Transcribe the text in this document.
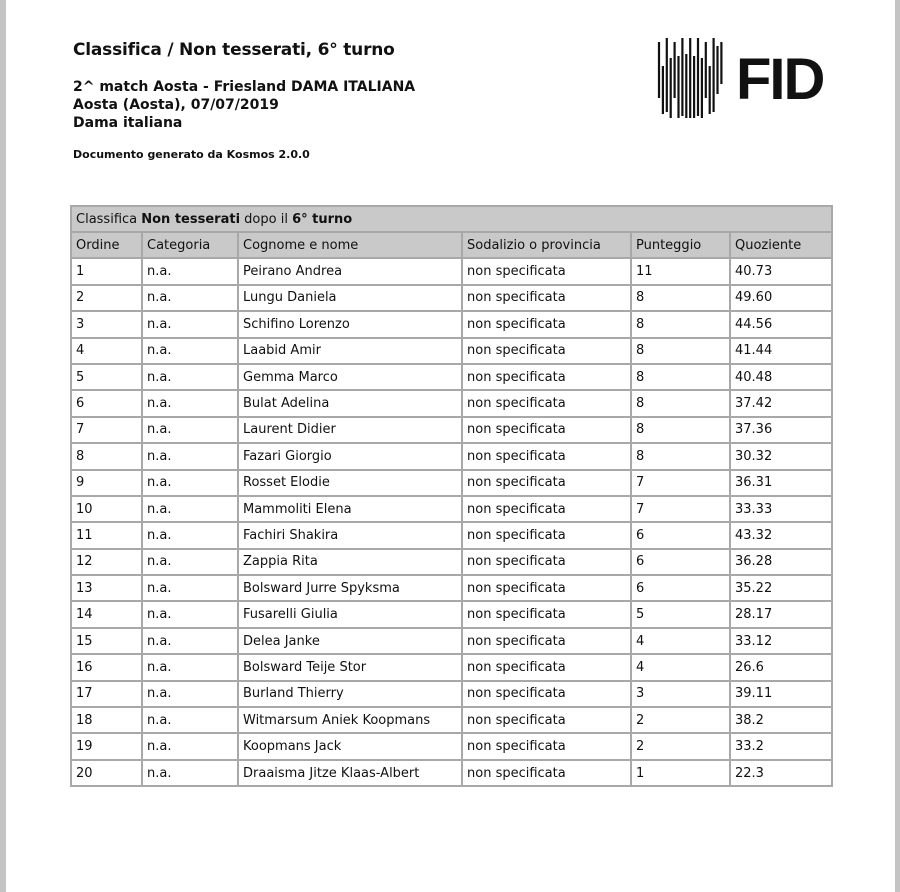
Classifica / Non tesserati, 6° turno
2^ match Aosta - Friesland DAMA ITALIANA
Aosta (Aosta), 07/07/2019
Dama italiana
Documento generato da Kosmos 2.0.0
FID
Classifica Non tesserati dopo il 6° turno					
Ordine	Categoria	Cognome e nome	Sodalizio o provincia	Punteggio	Quoziente
1	n.a.	Peirano Andrea	non specificata	11	40.73
2	n.a.	Lungu Daniela	non specificata	8	49.60
3	n.a.	Schifino Lorenzo	non specificata	8	44.56
4	n.a.	Laabid Amir	non specificata	8	41.44
5	n.a.	Gemma Marco	non specificata	8	40.48
6	n.a.	Bulat Adelina	non specificata	8	37.42
7	n.a.	Laurent Didier	non specificata	8	37.36
8	n.a.	Fazari Giorgio	non specificata	8	30.32
9	n.a.	Rosset Elodie	non specificata	7	36.31
10	n.a.	Mammoliti Elena	non specificata	7	33.33
11	n.a.	Fachiri Shakira	non specificata	6	43.32
12	n.a.	Zappia Rita	non specificata	6	36.28
13	n.a.	Bolsward Jurre Spyksma	non specificata	6	35.22
14	n.a.	Fusarelli Giulia	non specificata	5	28.17
15	n.a.	Delea Janke	non specificata	4	33.12
16	n.a.	Bolsward Teije Stor	non specificata	4	26.6
17	n.a.	Burland Thierry	non specificata	3	39.11
18	n.a.	Witmarsum Aniek Koopmans	non specificata	2	38.2
19	n.a.	Koopmans Jack	non specificata	2	33.2
20	n.a.	Draaisma Jitze Klaas-Albert	non specificata	1	22.3
